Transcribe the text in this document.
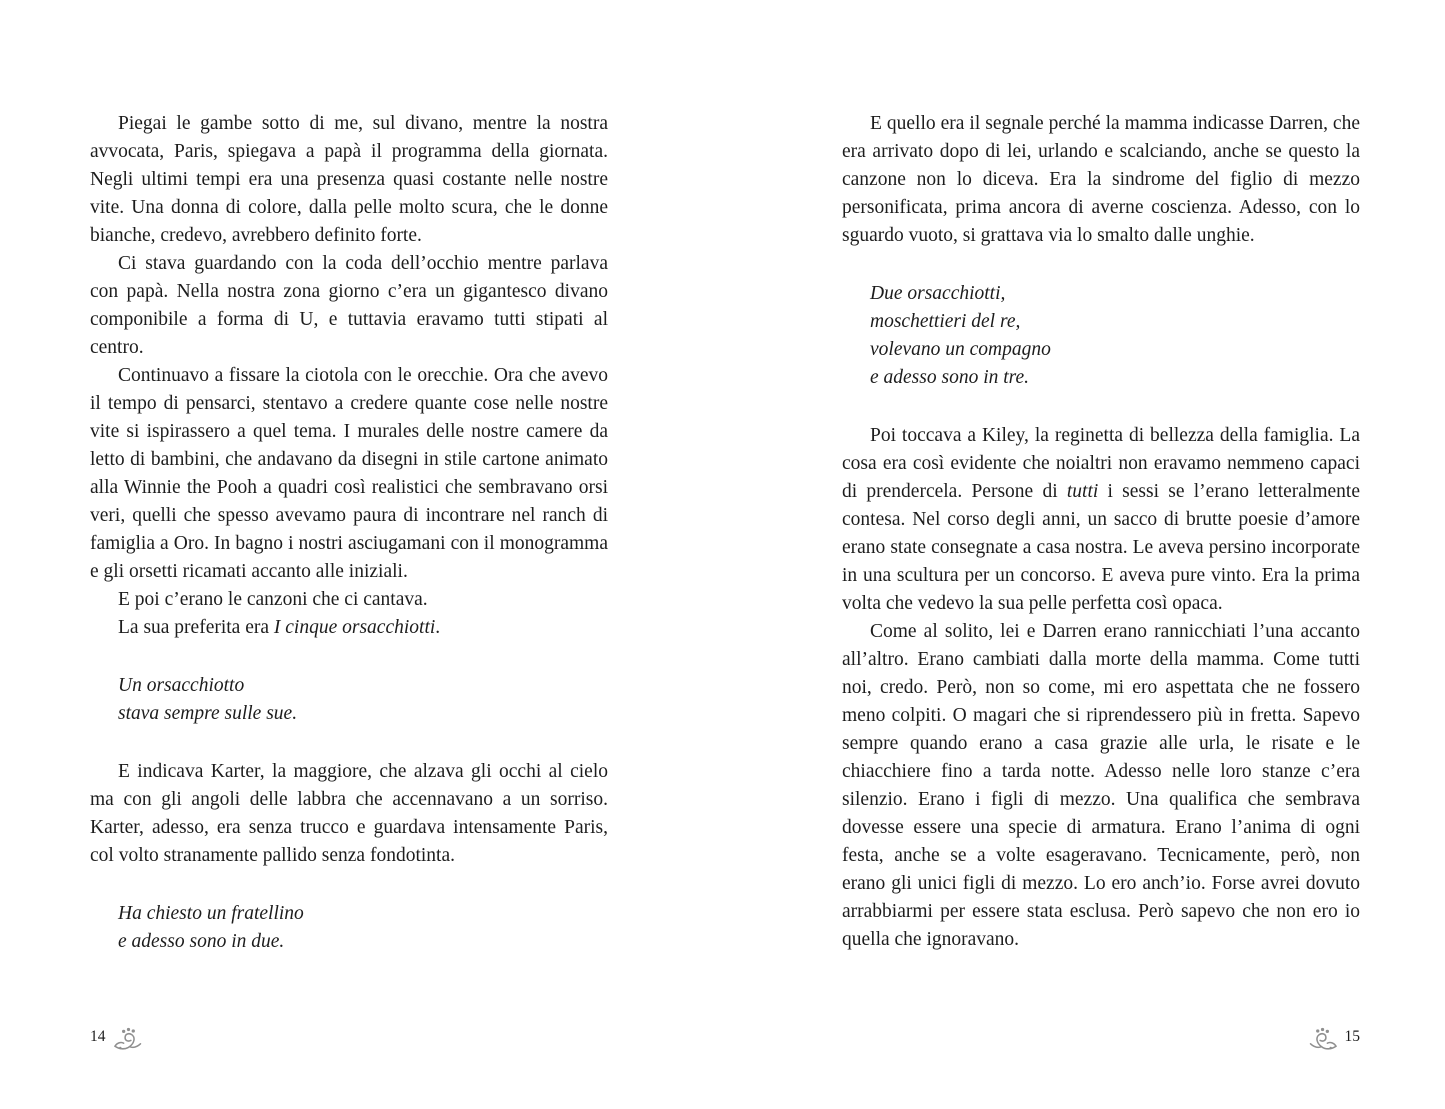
Piegai le gambe sotto di me, sul divano, mentre la nostra avvocata, Paris, spiegava a papà il programma della giornata. Negli ultimi tempi era una presenza quasi costante nelle nostre vite. Una donna di colore, dalla pelle molto scura, che le donne bianche, credevo, avrebbero definito forte.
Ci stava guardando con la coda dell’occhio mentre parlava con papà. Nella nostra zona giorno c’era un gigantesco divano componibile a forma di U, e tuttavia eravamo tutti stipati al centro.
Continuavo a fissare la ciotola con le orecchie. Ora che avevo il tempo di pensarci, stentavo a credere quante cose nelle nostre vite si ispirassero a quel tema. I murales delle nostre camere da letto di bambini, che andavano da disegni in stile cartone animato alla Winnie the Pooh a quadri così realistici che sembravano orsi veri, quelli che spesso avevamo paura di incontrare nel ranch di famiglia a Oro. In bagno i nostri asciugamani con il monogramma e gli orsetti ricamati accanto alle iniziali.
E poi c’erano le canzoni che ci cantava.
La sua preferita era I cinque orsacchiotti.
Un orsacchiotto
stava sempre sulle sue.
E indicava Karter, la maggiore, che alzava gli occhi al cielo ma con gli angoli delle labbra che accennavano a un sorriso. Karter, adesso, era senza trucco e guardava intensamente Paris, col volto stranamente pallido senza fondotinta.
Ha chiesto un fratellino
e adesso sono in due.
14
E quello era il segnale perché la mamma indicasse Darren, che era arrivato dopo di lei, urlando e scalciando, anche se questo la canzone non lo diceva. Era la sindrome del figlio di mezzo personificata, prima ancora di averne coscienza. Adesso, con lo sguardo vuoto, si grattava via lo smalto dalle unghie.
Due orsacchiotti,
moschettieri del re,
volevano un compagno
e adesso sono in tre.
Poi toccava a Kiley, la reginetta di bellezza della famiglia. La cosa era così evidente che noialtri non eravamo nemmeno capaci di prendercela. Persone di tutti i sessi se l’erano letteralmente contesa. Nel corso degli anni, un sacco di brutte poesie d’amore erano state consegnate a casa nostra. Le aveva persino incorporate in una scultura per un concorso. E aveva pure vinto. Era la prima volta che vedevo la sua pelle perfetta così opaca.
Come al solito, lei e Darren erano rannicchiati l’una accanto all’altro. Erano cambiati dalla morte della mamma. Come tutti noi, credo. Però, non so come, mi ero aspettata che ne fossero meno colpiti. O magari che si riprendessero più in fretta. Sapevo sempre quando erano a casa grazie alle urla, le risate e le chiacchiere fino a tarda notte. Adesso nelle loro stanze c’era silenzio. Erano i figli di mezzo. Una qualifica che sembrava dovesse essere una specie di armatura. Erano l’anima di ogni festa, anche se a volte esageravano. Tecnicamente, però, non erano gli unici figli di mezzo. Lo ero anch’io. Forse avrei dovuto arrabbiarmi per essere stata esclusa. Però sapevo che non ero io quella che ignoravano.
15
